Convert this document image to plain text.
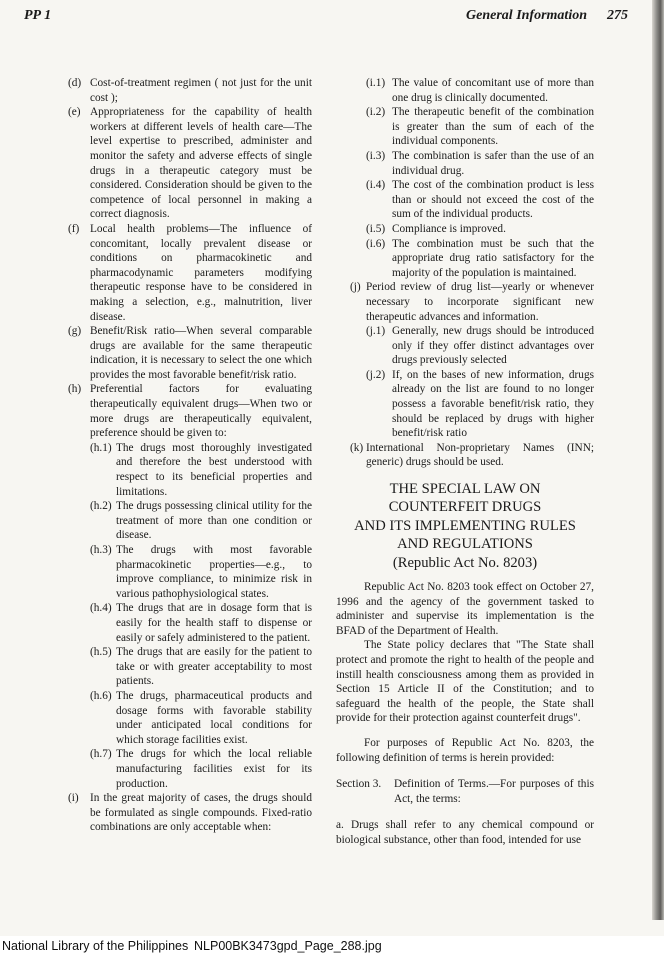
PP 1	General Information 275
(d) Cost-of-treatment regimen ( not just for the unit cost );
(e) Appropriateness for the capability of health workers at different levels of health care—The level expertise to prescribed, administer and monitor the safety and adverse effects of single drugs in a therapeutic category must be considered. Consideration should be given to the competence of local personnel in making a correct diagnosis.
(f) Local health problems—The influence of concomitant, locally prevalent disease or conditions on pharmacokinetic and pharmacodynamic parameters modifying therapeutic response have to be considered in making a selection, e.g., malnutrition, liver disease.
(g) Benefit/Risk ratio—When several comparable drugs are available for the same therapeutic indication, it is necessary to select the one which provides the most favorable benefit/risk ratio.
(h) Preferential factors for evaluating therapeutically equivalent drugs—When two or more drugs are therapeutically equivalent, preference should be given to:
(h.1) The drugs most thoroughly investigated and therefore the best understood with respect to its beneficial properties and limitations.
(h.2) The drugs possessing clinical utility for the treatment of more than one condition or disease.
(h.3) The drugs with most favorable pharmacokinetic properties—e.g., to improve compliance, to minimize risk in various pathophysiological states.
(h.4) The drugs that are in dosage form that is easily for the health staff to dispense or easily or safely administered to the patient.
(h.5) The drugs that are easily for the patient to take or with greater acceptability to most patients.
(h.6) The drugs, pharmaceutical products and dosage forms with favorable stability under anticipated local conditions for which storage facilities exist.
(h.7) The drugs for which the local reliable manufacturing facilities exist for its production.
(i) In the great majority of cases, the drugs should be formulated as single compounds. Fixed-ratio combinations are only acceptable when:
(i.1) The value of concomitant use of more than one drug is clinically documented.
(i.2) The therapeutic benefit of the combination is greater than the sum of each of the individual components.
(i.3) The combination is safer than the use of an individual drug.
(i.4) The cost of the combination product is less than or should not exceed the cost of the sum of the individual products.
(i.5) Compliance is improved.
(i.6) The combination must be such that the appropriate drug ratio satisfactory for the majority of the population is maintained.
(j) Period review of drug list—yearly or whenever necessary to incorporate significant new therapeutic advances and information.
(j.1) Generally, new drugs should be introduced only if they offer distinct advantages over drugs previously selected
(j.2) If, on the bases of new information, drugs already on the list are found to no longer possess a favorable benefit/risk ratio, they should be replaced by drugs with higher benefit/risk ratio
(k) International Non-proprietary Names (INN; generic) drugs should be used.
THE SPECIAL LAW ON
COUNTERFEIT DRUGS
AND ITS IMPLEMENTING RULES
AND REGULATIONS
(Republic Act No. 8203)
Republic Act No. 8203 took effect on October 27, 1996 and the agency of the government tasked to administer and supervise its implementation is the BFAD of the Department of Health.
The State policy declares that "The State shall protect and promote the right to health of the people and instill health consciousness among them as provided in Section 15 Article II of the Constitution; and to safeguard the health of the people, the State shall provide for their protection against counterfeit drugs".
For purposes of Republic Act No. 8203, the following definition of terms is herein provided:
Section 3. Definition of Terms.—For purposes of this Act, the terms:
a. Drugs shall refer to any chemical compound or biological substance, other than food, intended for use
National Library of the Philippines NLP00BK3473gpd_Page_288.jpg
